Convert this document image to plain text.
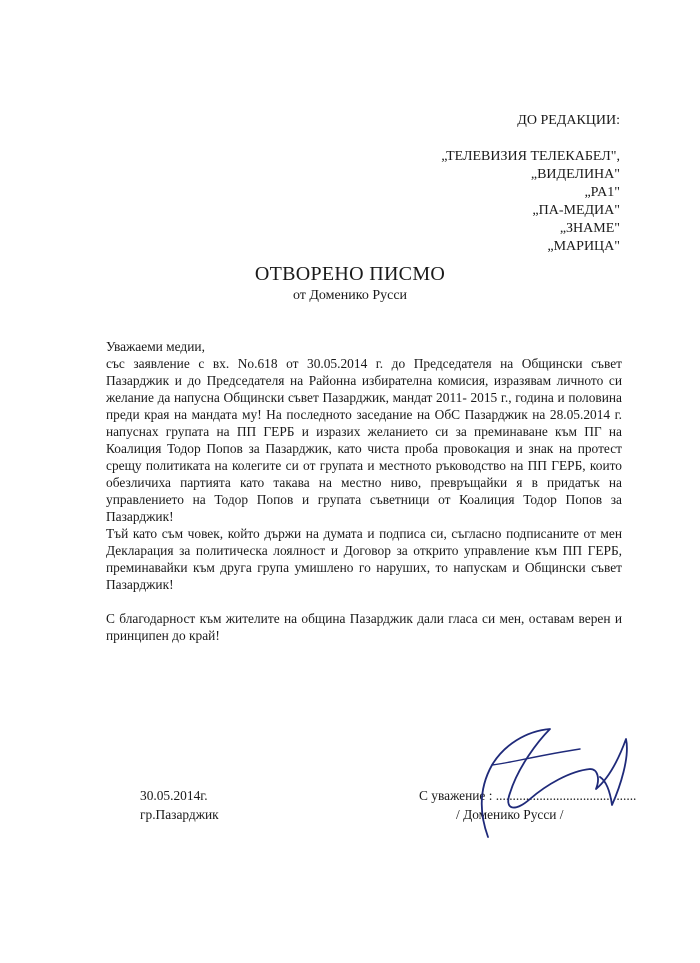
ДО РЕДАКЦИИ:
„ТЕЛЕВИЗИЯ ТЕЛЕКАБЕЛ",
„ВИДЕЛИНА"
„PA1"
„ПА-МЕДИА"
„ЗНАМЕ"
„МАРИЦА"
ОТВОРЕНО ПИСМО
от Доменико Русси

Уважаеми медии,

със заявление с вх. No.618 от 30.05.2014 г. до Председателя на Общински съвет Пазарджик и до Председателя на Районна избирателна комисия, изразявам личното си желание да напусна Общински съвет Пазарджик, мандат 2011- 2015 г., година и половина преди края на мандата му! На последното заседание на ОбС Пазарджик на 28.05.2014 г. напуснах групата на ПП ГЕРБ и изразих желанието си за преминаване към ПГ на Коалиция Тодор Попов за Пазарджик, като чиста проба провокация и знак на протест срещу политиката на колегите си от групата и местното ръководство на ПП ГЕРБ, които обезличиха партията като такава на местно ниво, превръщайки я в придатък на управлението на Тодор Попов и групата съветници от Коалиция Тодор Попов за Пазарджик!

Тъй като съм човек, който държи на думата и подписа си, съгласно подписаните от мен Декларация за политическа лоялност и Договор за открито управление към ПП ГЕРБ, преминавайки към друга група умишлено го нарушиx, то напускам и Общински съвет Пазарджик!

С благодарност към жителите на община Пазарджик дали гласа си мен, оставам верен и принципен до край!

30.05.2014г.
гр.Пазарджик
С уважение : ..........................................
/ Доменико Русси /
